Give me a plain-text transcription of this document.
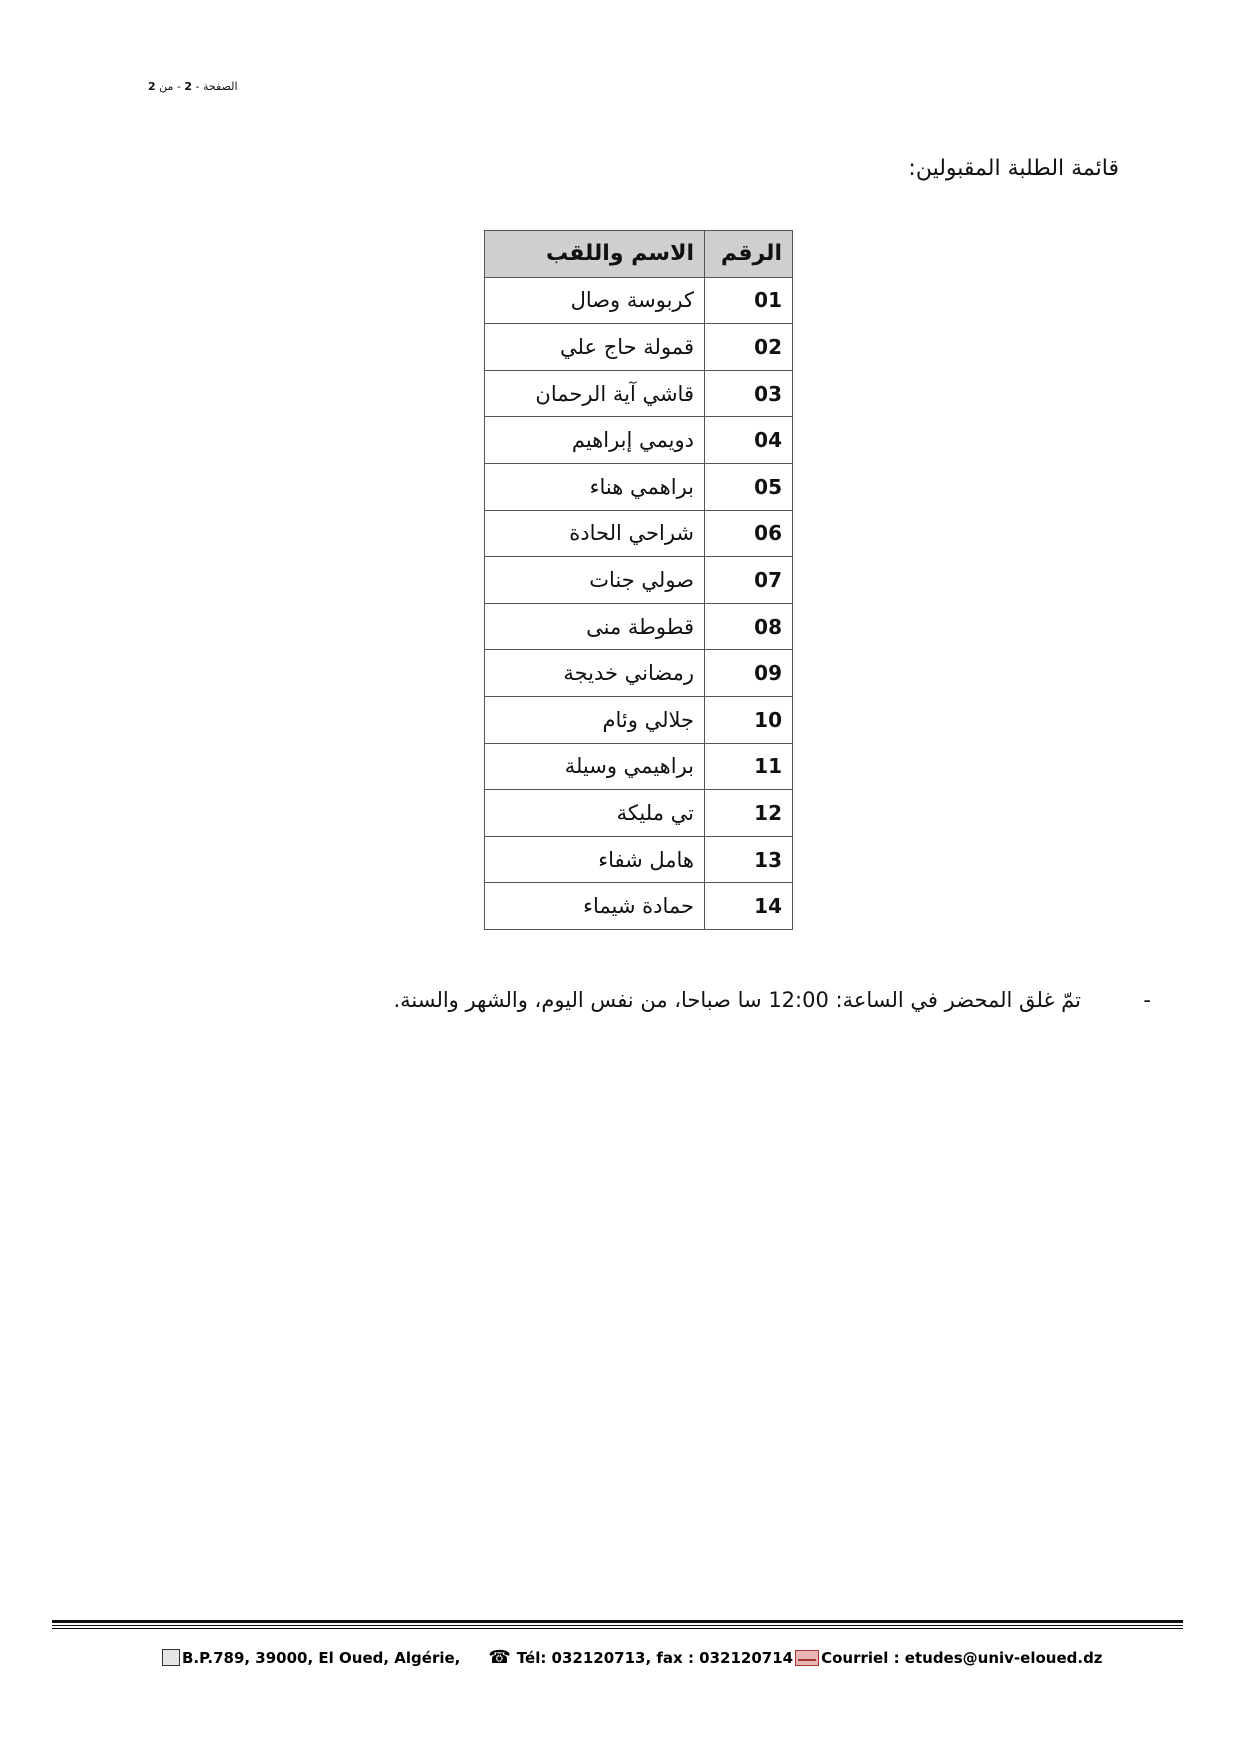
الصفحة - 2 - من 2
قائمة الطلبة المقبولين:
الرقم	الاسم واللقب
01	كربوسة وصال
02	قمولة حاج علي
03	قاشي آية الرحمان
04	دويمي إبراهيم
05	براهمي هناء
06	شراحي الحادة
07	صولي جنات
08	قطوطة منى
09	رمضاني خديجة
10	جلالي وئام
11	براهيمي وسيلة
12	تي مليكة
13	هامل شفاء
14	حمادة شيماء
-
تمّ غلق المحضر في الساعة: 12:00 سا صباحا، من نفس اليوم، والشهر والسنة.
B.P.789, 39000, El Oued, Algérie, ☎ Tél: 032120713, fax : 032120714 Courriel : etudes@univ-eloued.dz
